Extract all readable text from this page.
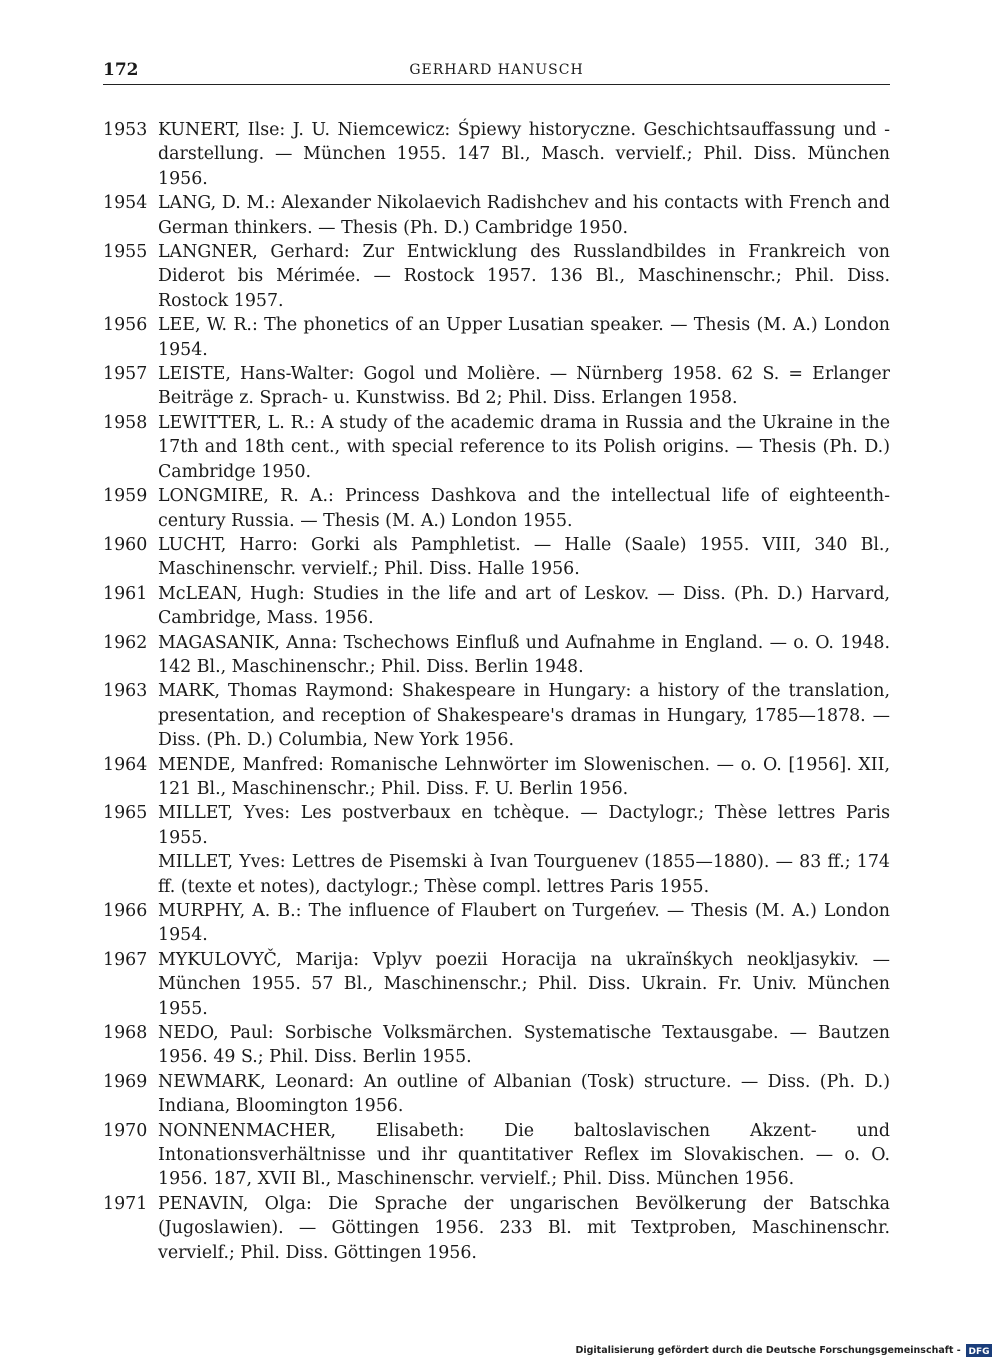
172	GERHARD HANUSCH
1953 KUNERT, Ilse: J. U. Niemcewicz: Śpiewy historyczne. Geschichtsauffassung und -darstellung. — München 1955. 147 Bl., Masch. vervielf.; Phil. Diss. München 1956.
1954 LANG, D. M.: Alexander Nikolaevich Radishchev and his contacts with French and German thinkers. — Thesis (Ph. D.) Cambridge 1950.
1955 LANGNER, Gerhard: Zur Entwicklung des Russlandbildes in Frankreich von Diderot bis Mérimée. — Rostock 1957. 136 Bl., Maschinenschr.; Phil. Diss. Rostock 1957.
1956 LEE, W. R.: The phonetics of an Upper Lusatian speaker. — Thesis (M. A.) London 1954.
1957 LEISTE, Hans-Walter: Gogol und Molière. — Nürnberg 1958. 62 S. = Erlanger Beiträge z. Sprach- u. Kunstwiss. Bd 2; Phil. Diss. Erlangen 1958.
1958 LEWITTER, L. R.: A study of the academic drama in Russia and the Ukraine in the 17th and 18th cent., with special reference to its Polish origins. — Thesis (Ph. D.) Cambridge 1950.
1959 LONGMIRE, R. A.: Princess Dashkova and the intellectual life of eighteenth-century Russia. — Thesis (M. A.) London 1955.
1960 LUCHT, Harro: Gorki als Pamphletist. — Halle (Saale) 1955. VIII, 340 Bl., Maschinenschr. vervielf.; Phil. Diss. Halle 1956.
1961 McLEAN, Hugh: Studies in the life and art of Leskov. — Diss. (Ph. D.) Harvard, Cambridge, Mass. 1956.
1962 MAGASANIK, Anna: Tschechows Einfluß und Aufnahme in England. — o. O. 1948. 142 Bl., Maschinenschr.; Phil. Diss. Berlin 1948.
1963 MARK, Thomas Raymond: Shakespeare in Hungary: a history of the translation, presentation, and reception of Shakespeare's dramas in Hungary, 1785—1878. — Diss. (Ph. D.) Columbia, New York 1956.
1964 MENDE, Manfred: Romanische Lehnwörter im Slowenischen. — o. O. [1956]. XII, 121 Bl., Maschinenschr.; Phil. Diss. F. U. Berlin 1956.
1965 MILLET, Yves: Les postverbaux en tchèque. — Dactylogr.; Thèse lettres Paris 1955.
MILLET, Yves: Lettres de Pisemski à Ivan Tourguenev (1855—1880). — 83 ff.; 174 ff. (texte et notes), dactylogr.; Thèse compl. lettres Paris 1955.
1966 MURPHY, A. B.: The influence of Flaubert on Turgeńev. — Thesis (M. A.) London 1954.
1967 MYKULOVYČ, Marija: Vplyv poezii Horacija na ukraïnśkych neokljasykiv. — München 1955. 57 Bl., Maschinenschr.; Phil. Diss. Ukrain. Fr. Univ. München 1955.
1968 NEDO, Paul: Sorbische Volksmärchen. Systematische Textausgabe. — Bautzen 1956. 49 S.; Phil. Diss. Berlin 1955.
1969 NEWMARK, Leonard: An outline of Albanian (Tosk) structure. — Diss. (Ph. D.) Indiana, Bloomington 1956.
1970 NONNENMACHER, Elisabeth: Die baltoslavischen Akzent- und Intonationsverhältnisse und ihr quantitativer Reflex im Slovakischen. — o. O. 1956. 187, XVII Bl., Maschinenschr. vervielf.; Phil. Diss. München 1956.
1971 PENAVIN, Olga: Die Sprache der ungarischen Bevölkerung der Batschka (Jugoslawien). — Göttingen 1956. 233 Bl. mit Textproben, Maschinenschr. vervielf.; Phil. Diss. Göttingen 1956.
Digitalisierung gefördert durch die Deutsche Forschungsgemeinschaft - DFG
